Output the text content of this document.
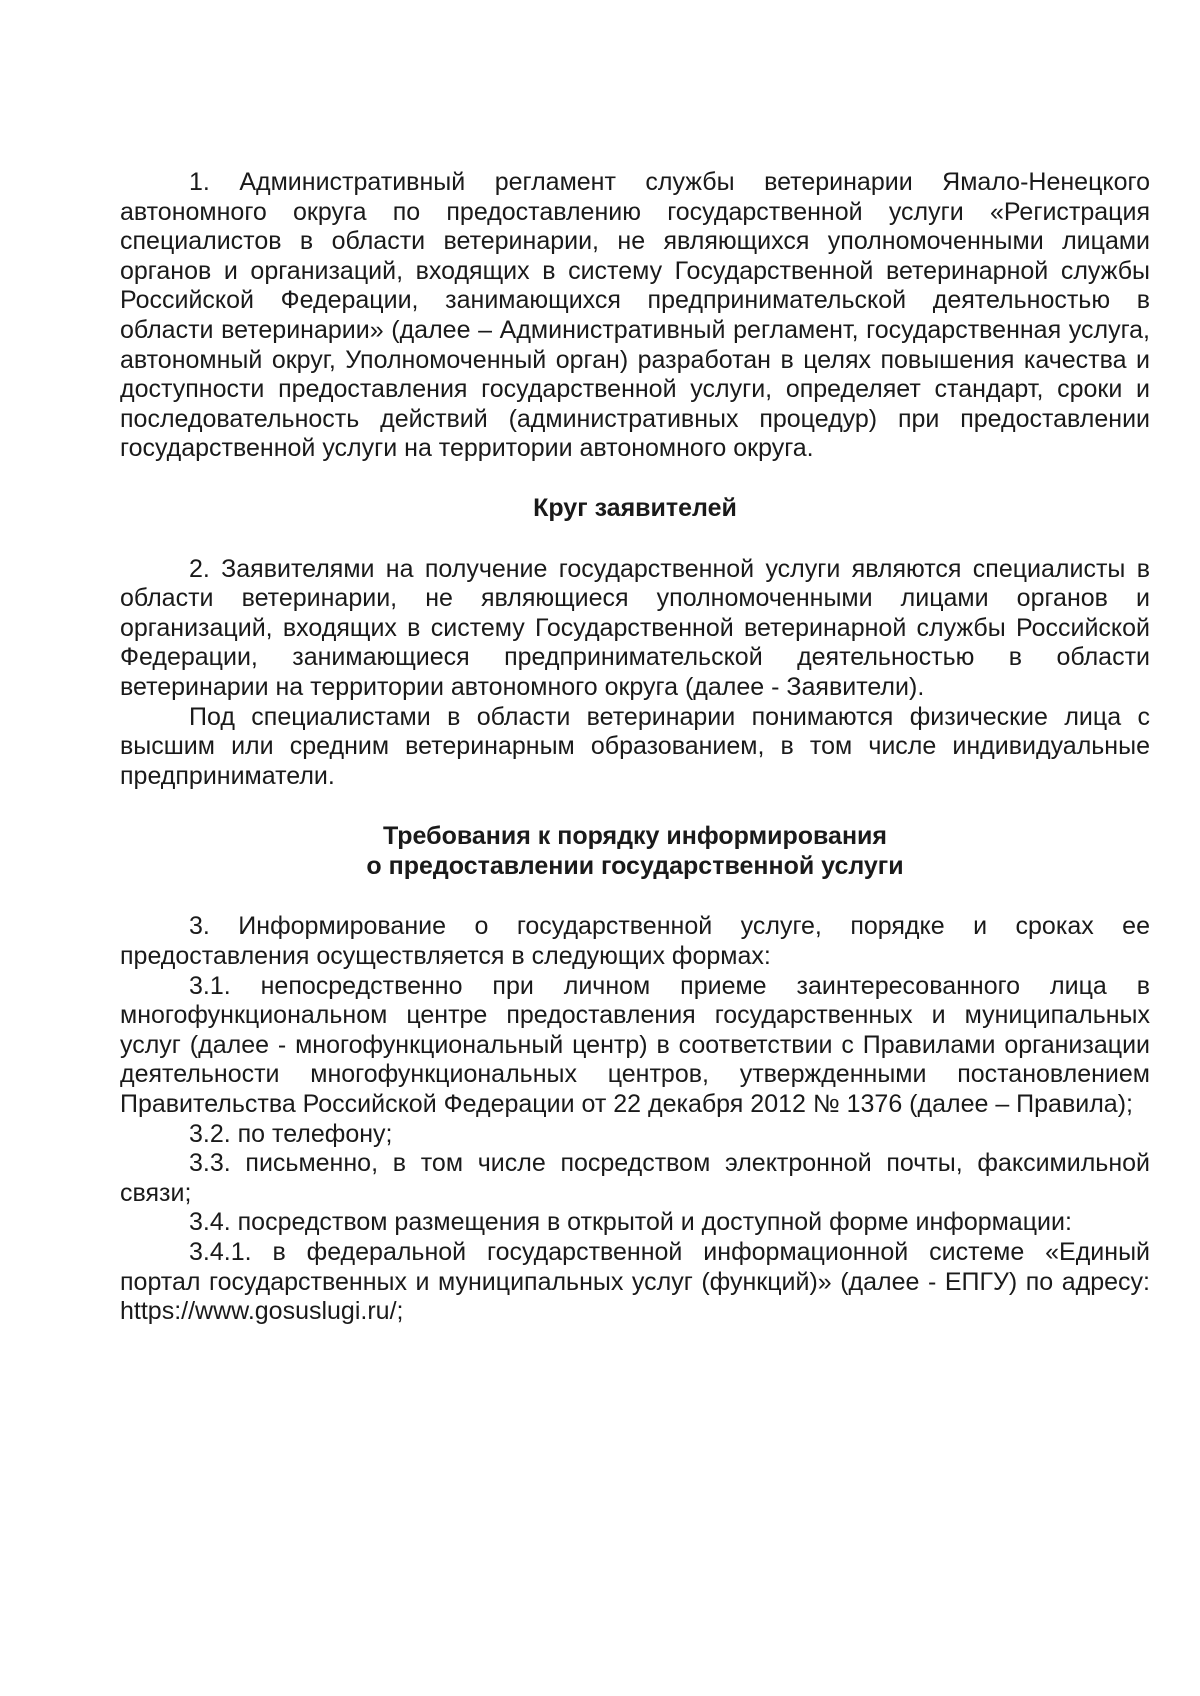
1. Административный регламент службы ветеринарии Ямало-Ненецкого автономного округа по предоставлению государственной услуги «Регистрация специалистов в области ветеринарии, не являющихся уполномоченными лицами органов и организаций, входящих в систему Государственной ветеринарной службы Российской Федерации, занимающихся предпринимательской деятельностью в области ветеринарии» (далее – Административный регламент, государственная услуга, автономный округ, Уполномоченный орган) разработан в целях повышения качества и доступности предоставления государственной услуги, определяет стандарт, сроки и последовательность действий (административных процедур) при предоставлении государственной услуги на территории автономного округа.

Круг заявителей

2. Заявителями на получение государственной услуги являются специалисты в области ветеринарии, не являющиеся уполномоченными лицами органов и организаций, входящих в систему Государственной ветеринарной службы Российской Федерации, занимающиеся предпринимательской деятельностью в области ветеринарии на территории автономного округа (далее - Заявители).

Под специалистами в области ветеринарии понимаются физические лица с высшим или средним ветеринарным образованием, в том числе индивидуальные предприниматели.

Требования к порядку информирования

о предоставлении государственной услуги

3. Информирование о государственной услуге, порядке и сроках ее предоставления осуществляется в следующих формах:

3.1. непосредственно при личном приеме заинтересованного лица в многофункциональном центре предоставления государственных и муниципальных услуг (далее - многофункциональный центр) в соответствии с Правилами организации деятельности многофункциональных центров, утвержденными постановлением Правительства Российской Федерации от 22 декабря 2012 № 1376 (далее – Правила);

3.2. по телефону;

3.3. письменно, в том числе посредством электронной почты, факсимильной связи;

3.4. посредством размещения в открытой и доступной форме информации:

3.4.1. в федеральной государственной информационной системе «Единый портал государственных и муниципальных услуг (функций)» (далее - ЕПГУ) по адресу: https://www.gosuslugi.ru/;
